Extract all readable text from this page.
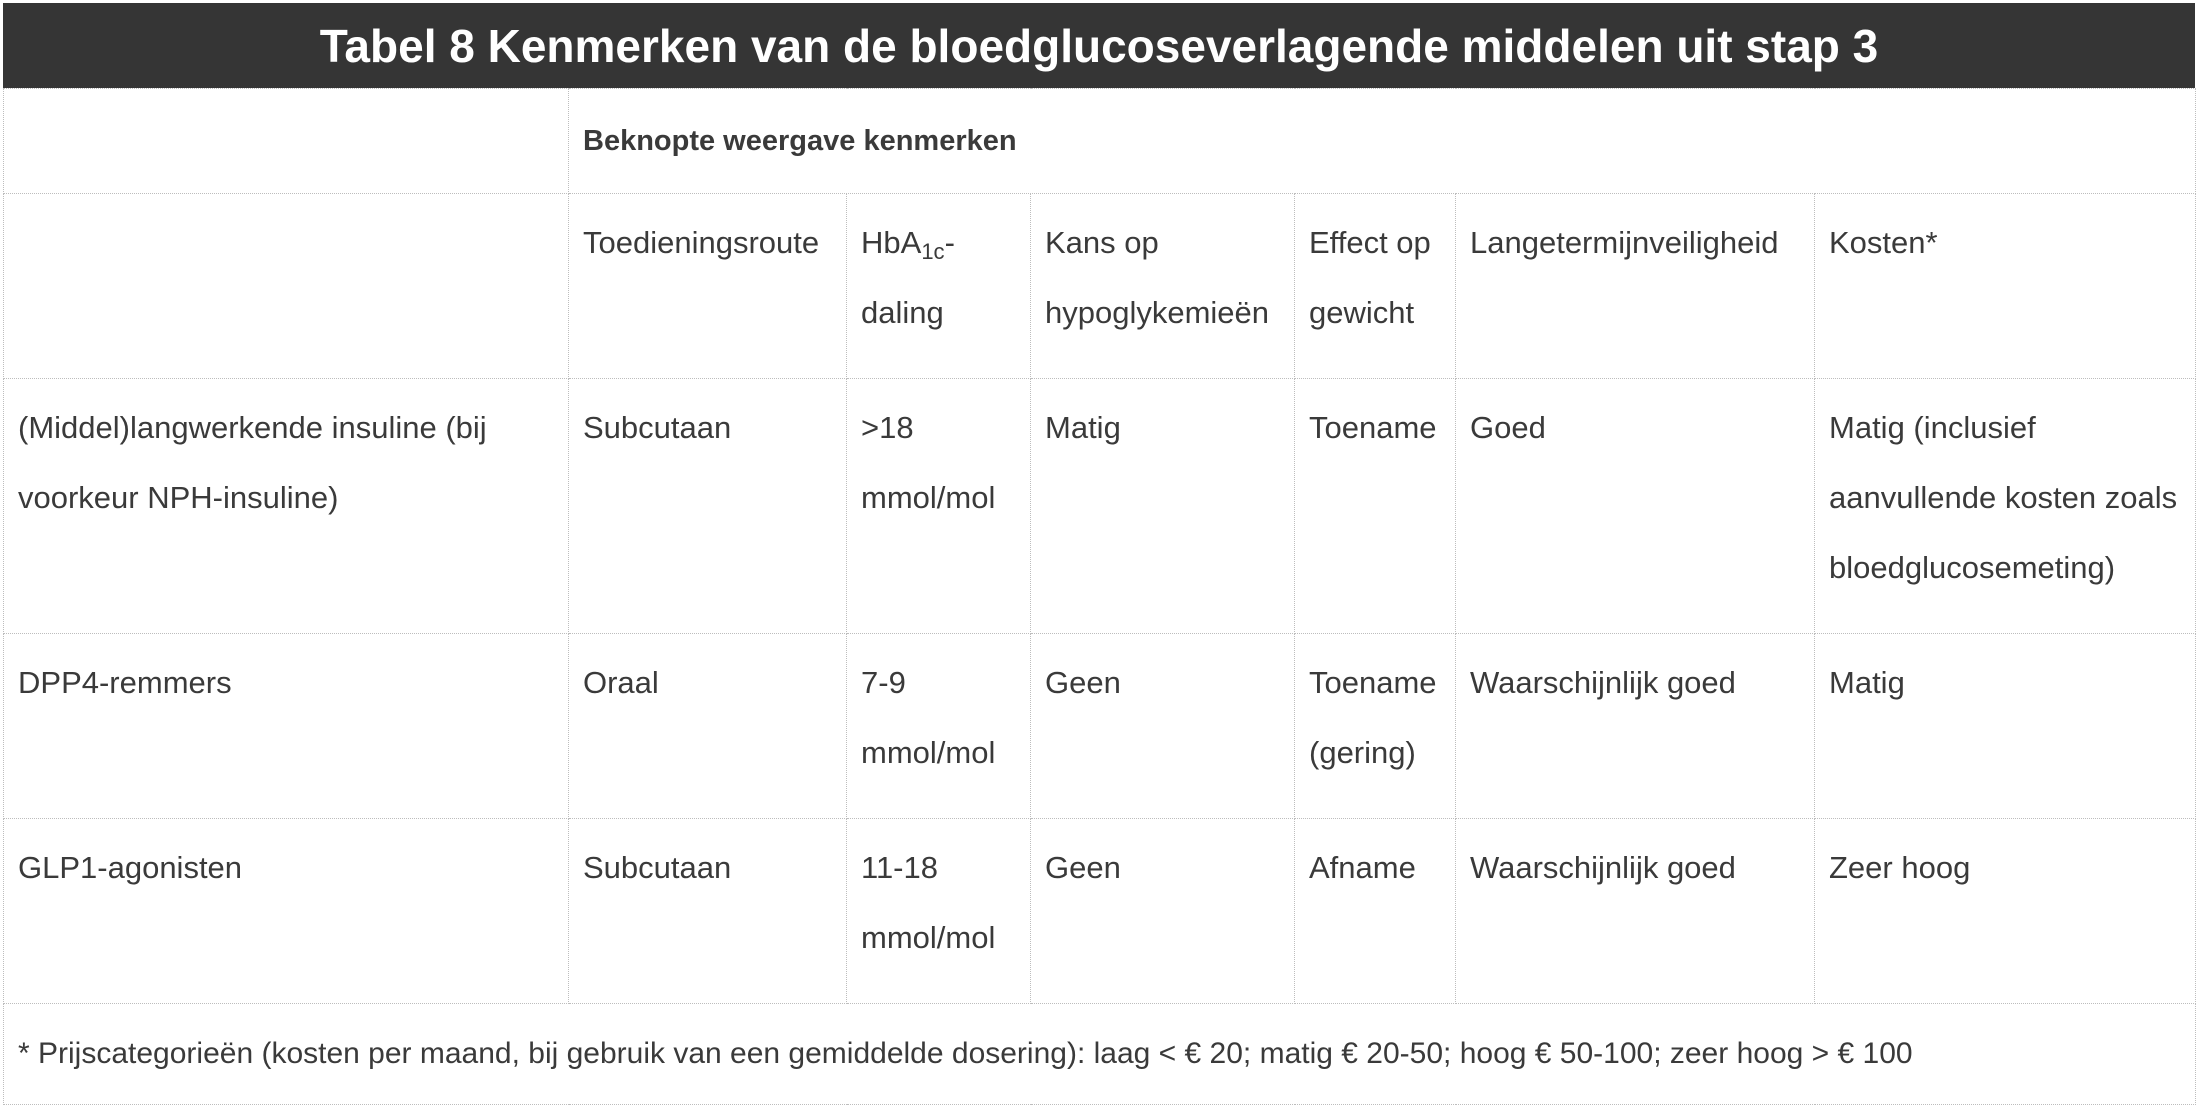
Tabel 8 Kenmerken van de bloedglucoseverlagende middelen uit stap 3
	Beknopte weergave kenmerken					
	Toedieningsroute	HbA$_{1c}$-daling	Kans op hypoglykemieën	Effect op gewicht	Langetermijnveiligheid	Kosten*
(Middel)langwerkende insuline (bij voorkeur NPH-insuline)	Subcutaan	>18 mmol/mol	Matig	Toename	Goed	Matig (inclusief aanvullende kosten zoals bloedglucosemeting)
DPP4-remmers	Oraal	7-9 mmol/mol	Geen	Toename (gering)	Waarschijnlijk goed	Matig
GLP1-agonisten	Subcutaan	11-18 mmol/mol	Geen	Afname	Waarschijnlijk goed	Zeer hoog
* Prijscategorieën (kosten per maand, bij gebruik van een gemiddelde dosering): laag < € 20; matig € 20-50; hoog € 50-100; zeer hoog > € 100						
